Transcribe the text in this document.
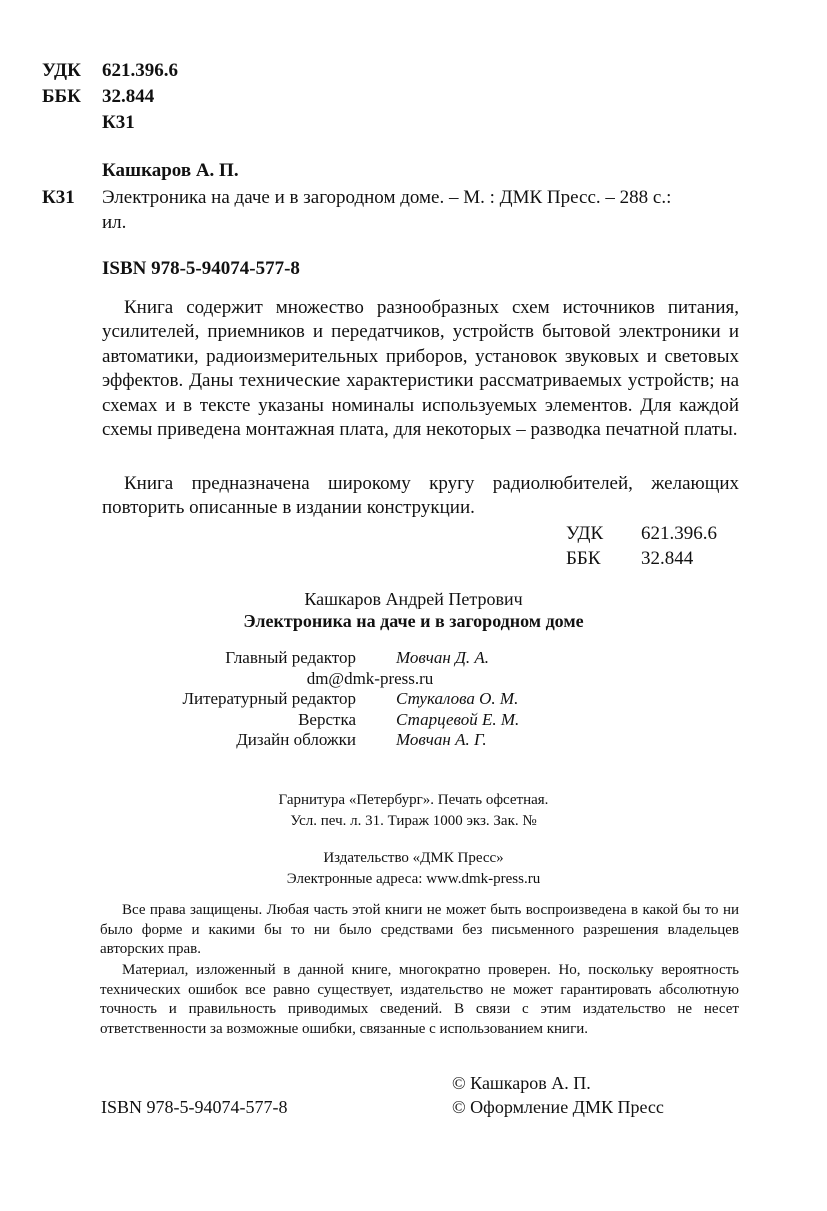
УДК 621.396.6
ББК 32.844
К31
Кашкаров А. П.
К31 Электроника на даче и в загородном доме. – М. : ДМК Пресс. – 288 с.:
ил.
ISBN 978-5-94074-577-8

Книга содержит множество разнообразных схем источников питания, усилителей, приемников и передатчиков, устройств бытовой электроники и автоматики, радиоизмерительных приборов, установок звуковых и световых эффектов. Даны технические характеристики рассматриваемых устройств; на схемах и в тексте указаны номиналы используемых элементов. Для каждой схемы приведена монтажная плата, для некоторых – разводка печатной платы.

Книга предназначена широкому кругу радиолюбителей, желающих повторить описанные в издании конструкции.

УДК 621.396.6
ББК 32.844
Кашкаров Андрей Петрович
Электроника на даче и в загородном доме
Главный редактор	Мовчан Д. А.
dm@dmk-press.ru
Литературный редактор	Стукалова О. М.
Верстка	Старцевой Е. М.
Дизайн обложки	Мовчан А. Г.
Гарнитура «Петербург». Печать офсетная.
Усл. печ. л. 31. Тираж 1000 экз. Зак. №
Издательство «ДМК Пресс»
Электронные адреса: www.dmk-press.ru

Все права защищены. Любая часть этой книги не может быть воспроизведена в какой бы то ни было форме и какими бы то ни было средствами без письменного разрешения владельцев авторских прав.

Материал, изложенный в данной книге, многократно проверен. Но, поскольку вероятность технических ошибок все равно существует, издательство не может гарантировать абсолютную точность и правильность приводимых сведений. В связи с этим издательство не несет ответственности за возможные ошибки, связанные с использованием книги.

© Кашкаров А. П.
ISBN 978-5-94074-577-8	© Оформление ДМК Пресс
